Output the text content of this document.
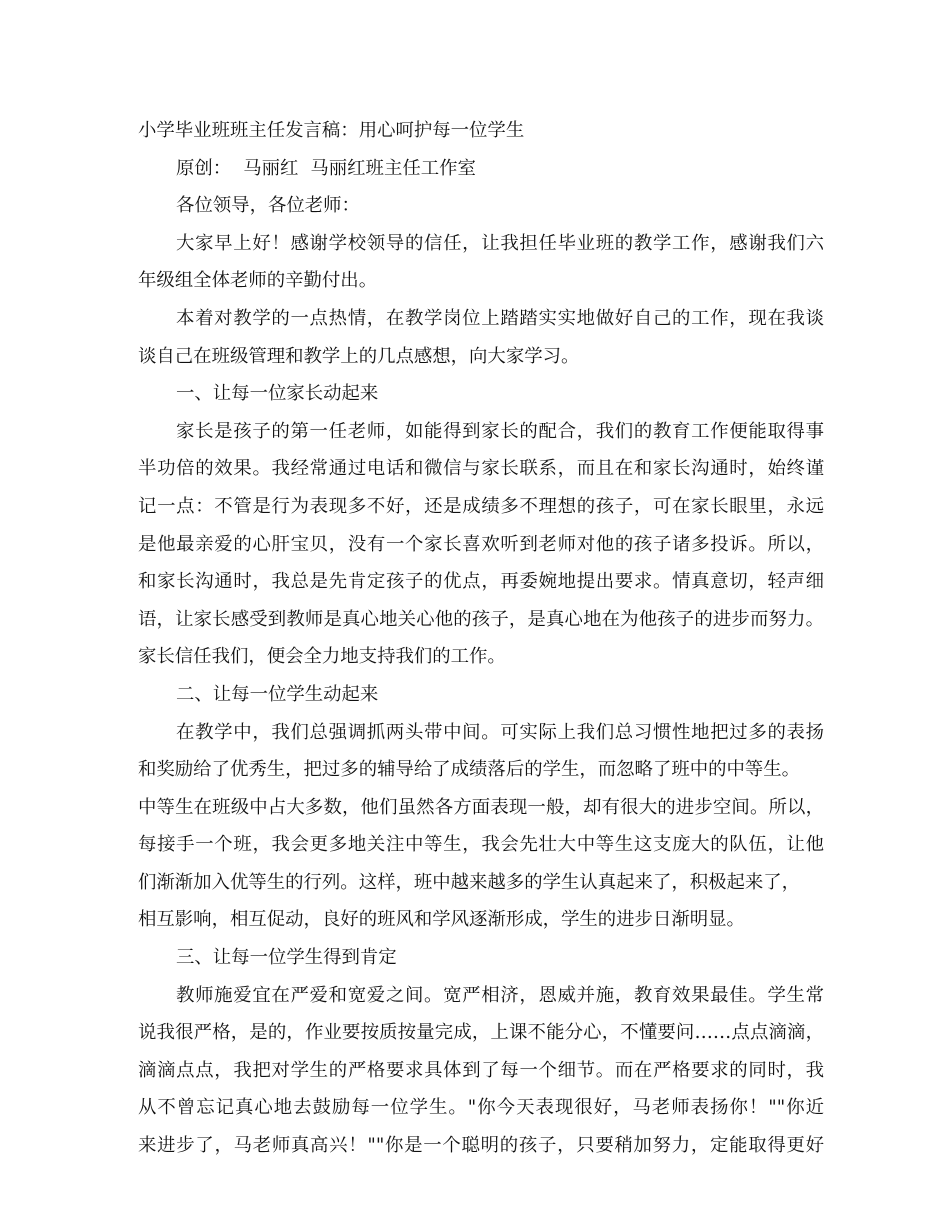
小学毕业班班主任发言稿：用心呵护每一位学生
原创： 马丽红 马丽红班主任工作室
各位领导，各位老师：
大家早上好！感谢学校领导的信任，让我担任毕业班的教学工作，感谢我们六
年级组全体老师的辛勤付出。
本着对教学的一点热情，在教学岗位上踏踏实实地做好自己的工作，现在我谈
谈自己在班级管理和教学上的几点感想，向大家学习。
一、让每一位家长动起来
家长是孩子的第一任老师，如能得到家长的配合，我们的教育工作便能取得事
半功倍的效果。我经常通过电话和微信与家长联系，而且在和家长沟通时，始终谨
记一点：不管是行为表现多不好，还是成绩多不理想的孩子，可在家长眼里，永远
是他最亲爱的心肝宝贝，没有一个家长喜欢听到老师对他的孩子诸多投诉。所以，
和家长沟通时，我总是先肯定孩子的优点，再委婉地提出要求。情真意切，轻声细
语，让家长感受到教师是真心地关心他的孩子，是真心地在为他孩子的进步而努力。
家长信任我们，便会全力地支持我们的工作。
二、让每一位学生动起来
在教学中，我们总强调抓两头带中间。可实际上我们总习惯性地把过多的表扬
和奖励给了优秀生，把过多的辅导给了成绩落后的学生，而忽略了班中的中等生。
中等生在班级中占大多数，他们虽然各方面表现一般，却有很大的进步空间。所以，
每接手一个班，我会更多地关注中等生，我会先壮大中等生这支庞大的队伍，让他
们渐渐加入优等生的行列。这样，班中越来越多的学生认真起来了，积极起来了，
相互影响，相互促动，良好的班风和学风逐渐形成，学生的进步日渐明显。
三、让每一位学生得到肯定
教师施爱宜在严爱和宽爱之间。宽严相济，恩威并施，教育效果最佳。学生常
说我很严格，是的，作业要按质按量完成，上课不能分心，不懂要问……点点滴滴，
滴滴点点，我把对学生的严格要求具体到了每一个细节。而在严格要求的同时，我
从不曾忘记真心地去鼓励每一位学生。"你今天表现很好，马老师表扬你！""你近
来进步了，马老师真高兴！""你是一个聪明的孩子，只要稍加努力，定能取得更好
